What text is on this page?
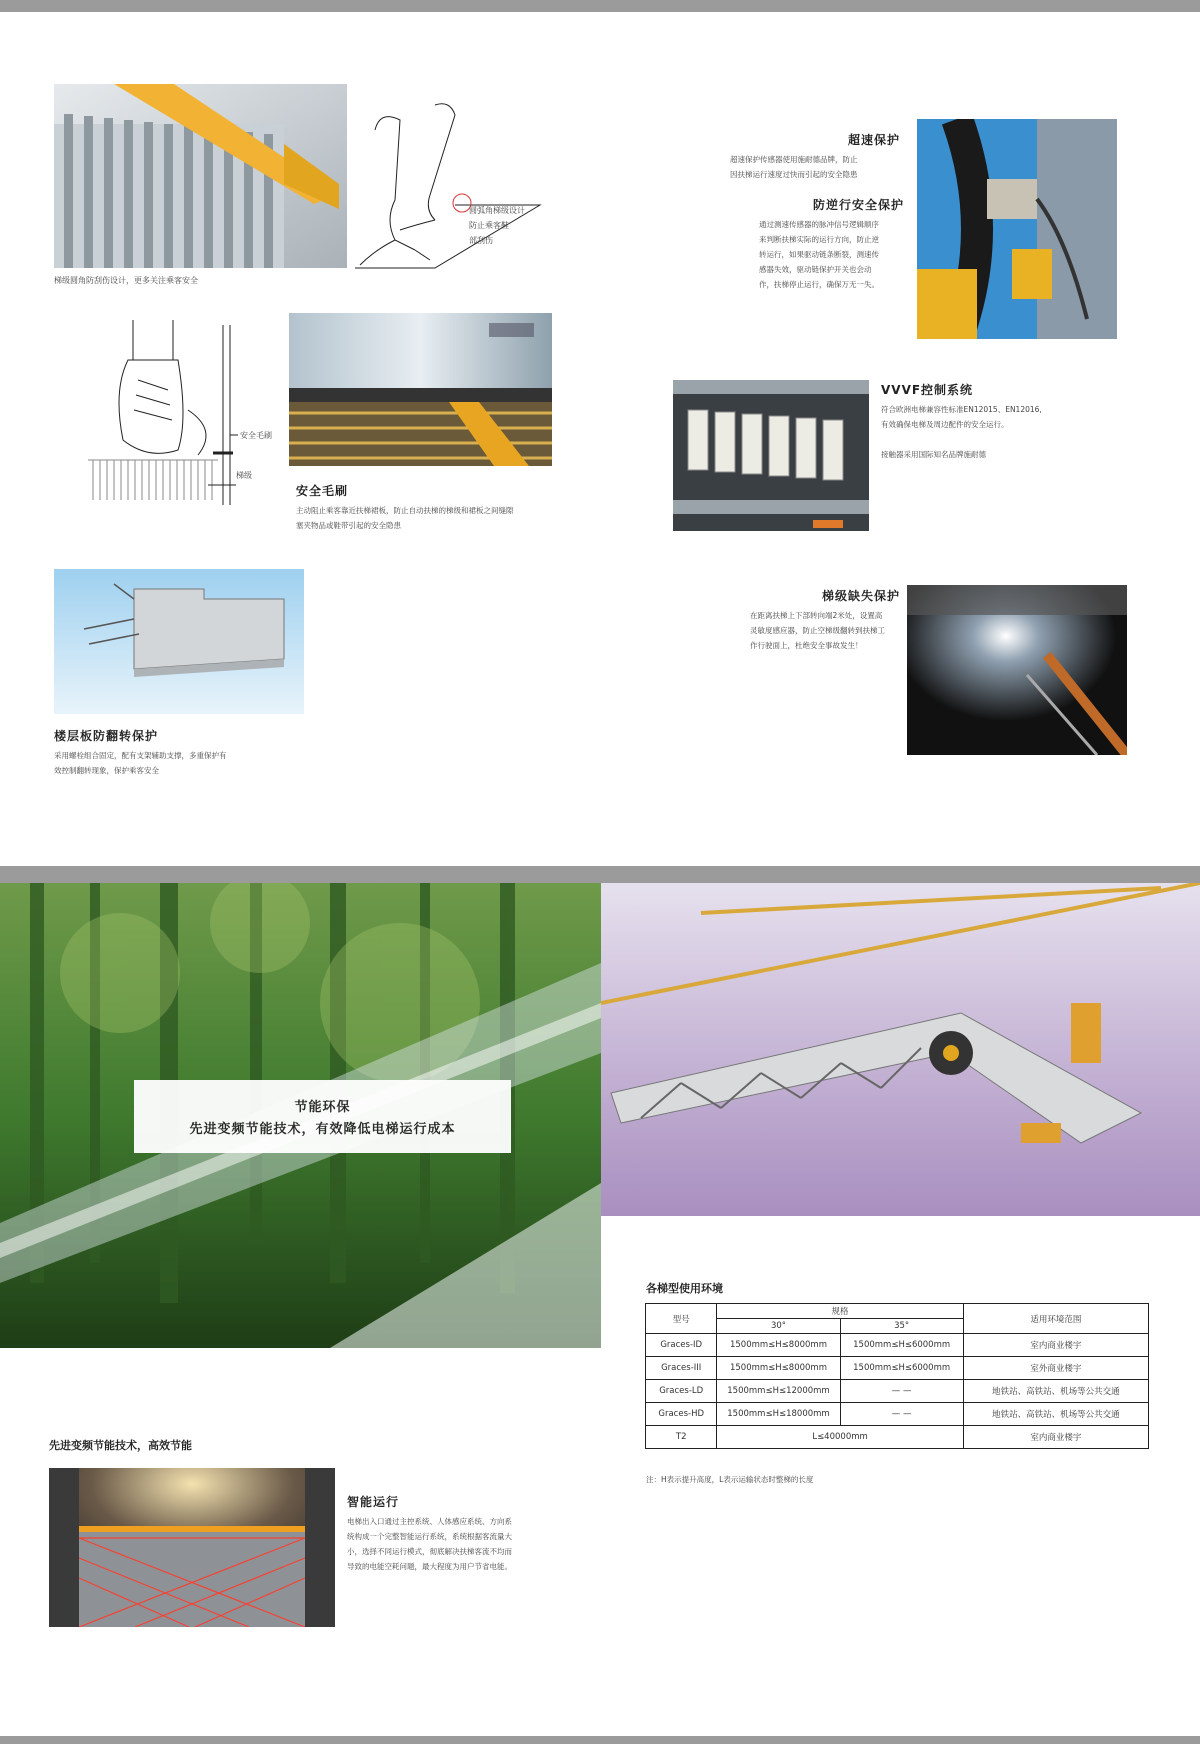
梯级圆角防刮伤设计，更多关注乘客安全
圆弧角梯级设计
防止乘客鞋
部刮伤
超速保护
超速保护传感器使用施耐德品牌，防止
因扶梯运行速度过快而引起的安全隐患
防逆行安全保护
通过测速传感器的脉冲信号逻辑顺序
来判断扶梯实际的运行方向，防止逆
转运行，如果驱动链条断裂，测速传
感器失效，驱动链保护开关也会动
作，扶梯停止运行，确保万无一失。
安全毛刷
梯级
安全毛刷
主动阻止乘客靠近扶梯裙板，防止自动扶梯的梯级和裙板之间缝隙
塞夹物品或鞋带引起的安全隐患
VVVF控制系统
符合欧洲电梯兼容性标准EN12015、EN12016,
有效确保电梯及周边配件的安全运行。
接触器采用国际知名品牌施耐德
楼层板防翻转保护
采用螺栓组合固定，配有支架辅助支撑，多重保护有
效控制翻转现象，保护乘客安全
梯级缺失保护
在距离扶梯上下部转向端2米处，设置高
灵敏度感应器，防止空梯级翻转到扶梯工
作行驶面上，杜绝安全事故发生！
节能环保
先进变频节能技术，有效降低电梯运行成本
各梯型使用环境
型号	规格		适用环境范围
	30°	35°	
Graces-ID	1500mm≤H≤8000mm	1500mm≤H≤6000mm	室内商业楼宇
Graces-III	1500mm≤H≤8000mm	1500mm≤H≤6000mm	室外商业楼宇
Graces-LD	1500mm≤H≤12000mm	— —	地铁站、高铁站、机场等公共交通
Graces-HD	1500mm≤H≤18000mm	— —	地铁站、高铁站、机场等公共交通
T2	L≤40000mm		室内商业楼宇
注：H表示提升高度，L表示运输状态时整梯的长度
先进变频节能技术，高效节能
智能运行
电梯出入口通过主控系统、人体感应系统、方向系
统构成一个完整智能运行系统，系统根据客流量大
小，选择不同运行模式，彻底解决扶梯客流不均而
导致的电能空耗问题，最大程度为用户节省电能。
